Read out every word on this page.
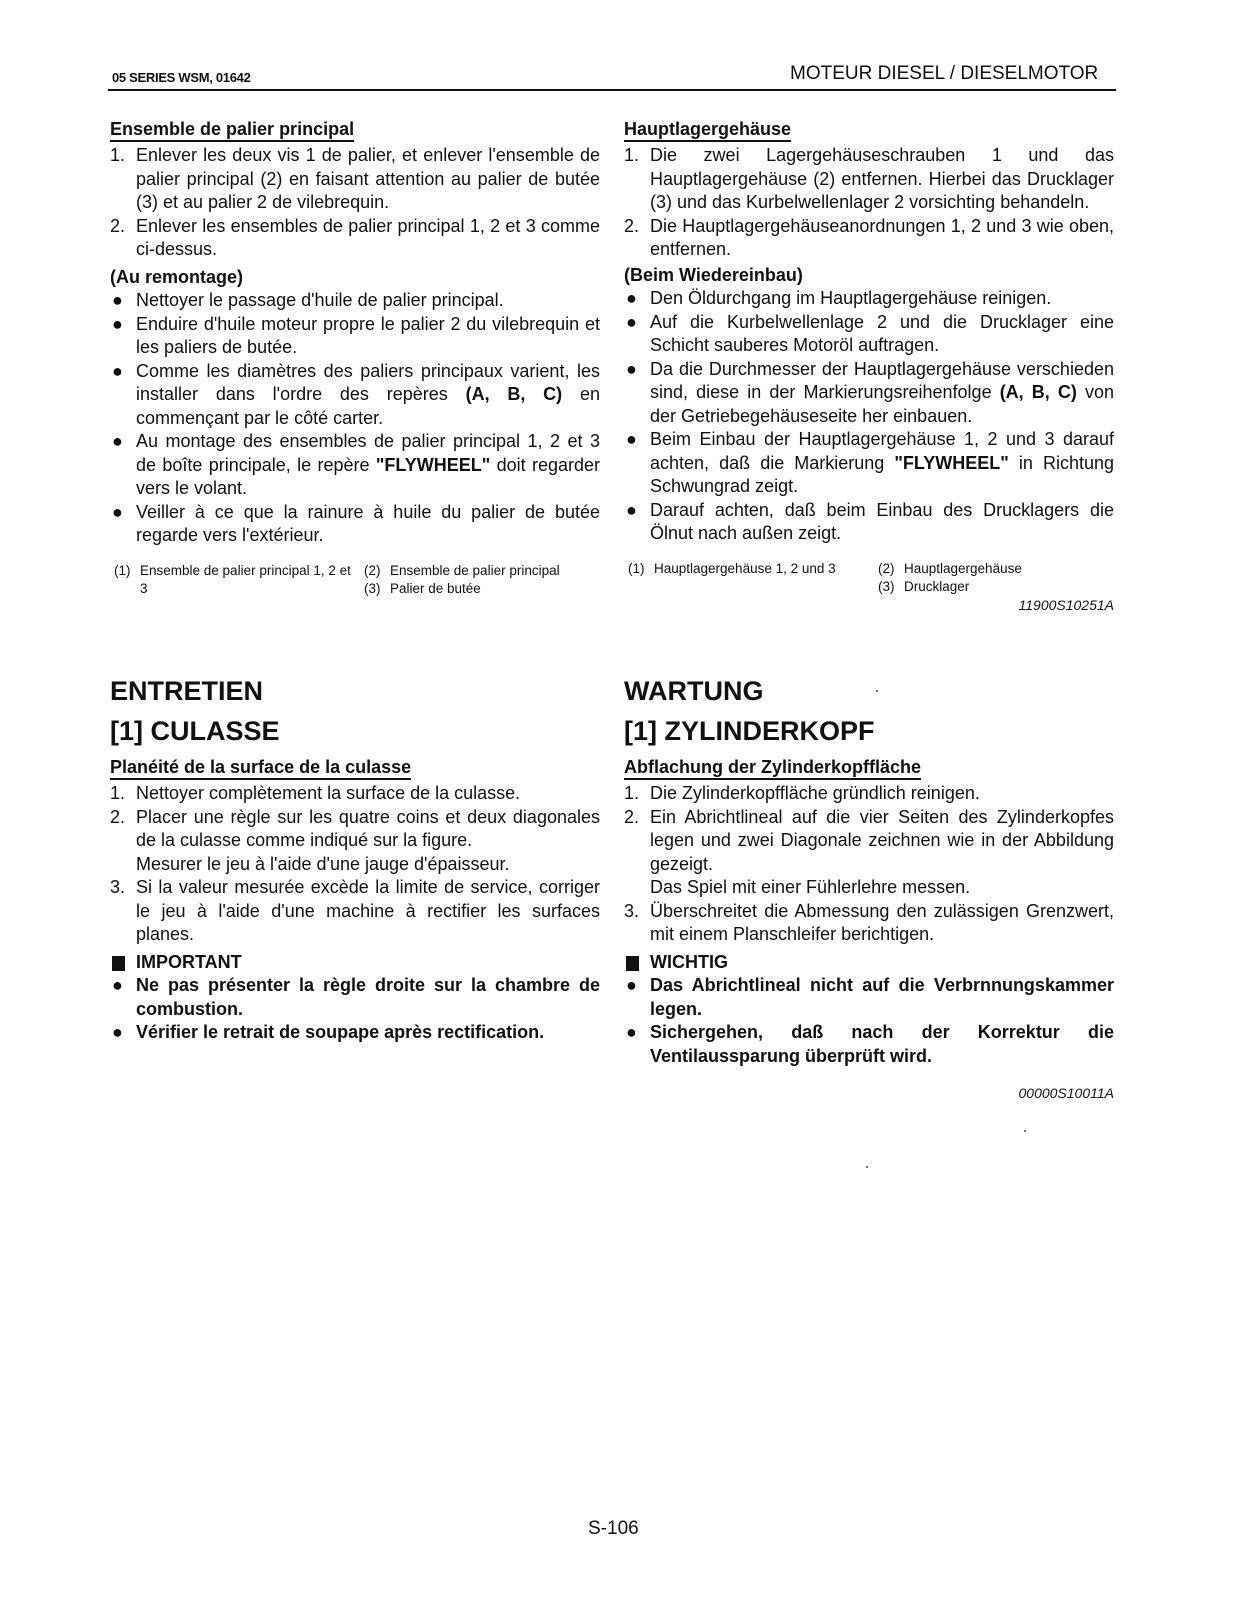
05 SERIES WSM, 01642	MOTEUR DIESEL / DIESELMOTOR
Ensemble de palier principal
1. Enlever les deux vis 1 de palier, et enlever l'ensemble de palier principal (2) en faisant attention au palier de butée (3) et au palier 2 de vilebrequin.
2. Enlever les ensembles de palier principal 1, 2 et 3 comme ci-dessus.
(Au remontage)
● Nettoyer le passage d'huile de palier principal.
● Enduire d'huile moteur propre le palier 2 du vilebrequin et les paliers de butée.
● Comme les diamètres des paliers principaux varient, les installer dans l'ordre des repères (A, B, C) en commençant par le côté carter.
● Au montage des ensembles de palier principal 1, 2 et 3 de boîte principale, le repère "FLYWHEEL" doit regarder vers le volant.
● Veiller à ce que la rainure à huile du palier de butée regarde vers l'extérieur.
(1) Ensemble de palier principal 1, 2 et 3
(2) Ensemble de palier principal
(3) Palier de butée
Hauptlagergehäuse
1. Die zwei Lagergehäuseschrauben 1 und das Hauptlagergehäuse (2) entfernen. Hierbei das Drucklager (3) und das Kurbelwellenlager 2 vorsichting behandeln.
2. Die Hauptlagergehäuseanordnungen 1, 2 und 3 wie oben, entfernen.
(Beim Wiedereinbau)
● Den Öldurchgang im Hauptlagergehäuse reinigen.
● Auf die Kurbelwellenlage 2 und die Drucklager eine Schicht sauberes Motoröl auftragen.
● Da die Durchmesser der Hauptlagergehäuse verschieden sind, diese in der Markierungsreihenfolge (A, B, C) von der Getriebegehäuseseite her einbauen.
● Beim Einbau der Hauptlagergehäuse 1, 2 und 3 darauf achten, daß die Markierung "FLYWHEEL" in Richtung Schwungrad zeigt.
● Darauf achten, daß beim Einbau des Drucklagers die Ölnut nach außen zeigt.
(1) Hauptlagergehäuse 1, 2 und 3	(2) Hauptlagergehäuse
(3) Drucklager
11900S10251A
ENTRETIEN
[1] CULASSE
Planéité de la surface de la culasse
1. Nettoyer complètement la surface de la culasse.
2. Placer une règle sur les quatre coins et deux diagonales de la culasse comme indiqué sur la figure.
Mesurer le jeu à l'aide d'une jauge d'épaisseur.
3. Si la valeur mesurée excède la limite de service, corriger le jeu à l'aide d'une machine à rectifier les surfaces planes.
IMPORTANT
● Ne pas présenter la règle droite sur la chambre de combustion.
● Vérifier le retrait de soupape après rectification.
WARTUNG
[1] ZYLINDERKOPF
Abflachung der Zylinderkopffläche
1. Die Zylinderkopffläche gründlich reinigen.
2. Ein Abrichtlineal auf die vier Seiten des Zylinderkopfes legen und zwei Diagonale zeichnen wie in der Abbildung gezeigt.
Das Spiel mit einer Fühlerlehre messen.
3. Überschreitet die Abmessung den zulässigen Grenzwert, mit einem Planschleifer berichtigen.
WICHTIG
● Das Abrichtlineal nicht auf die Verbrnnungskammer legen.
● Sichergehen, daß nach der Korrektur die Ventilaussparung überprüft wird.
00000S10011A
S-106
